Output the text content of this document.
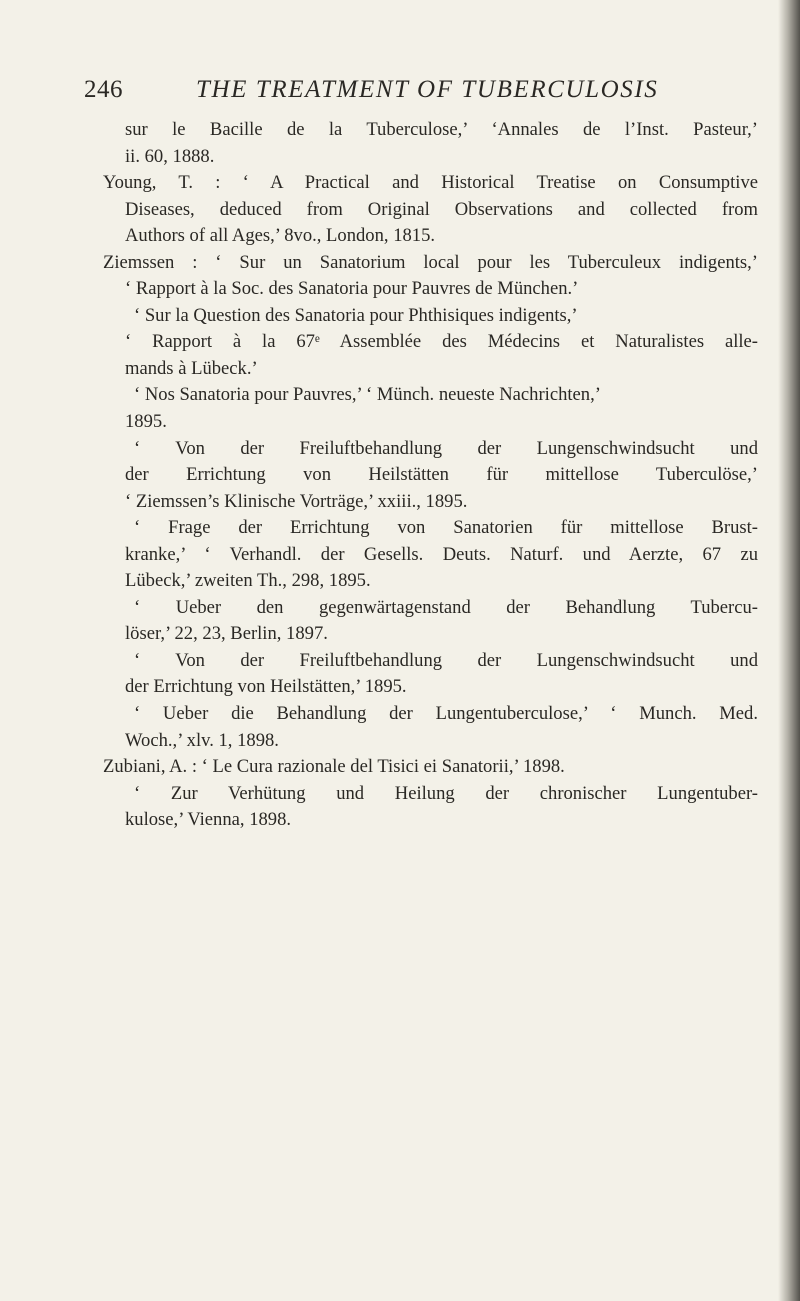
246	THE TREATMENT OF TUBERCULOSIS
sur le Bacille de la Tuberculose,’ ‘Annales de l’Inst. Pasteur,’
ii. 60, 1888.
Young, T. : ‘ A Practical and Historical Treatise on Consumptive
Diseases, deduced from Original Observations and collected from
Authors of all Ages,’ 8vo., London, 1815.
Ziemssen : ‘ Sur un Sanatorium local pour les Tuberculeux indigents,’
‘ Rapport à la Soc. des Sanatoria pour Pauvres de München.’
‘ Sur la Question des Sanatoria pour Phthisiques indigents,’
‘ Rapport à la 67ᵉ Assemblée des Médecins et Naturalistes alle-
mands à Lübeck.’
‘ Nos Sanatoria pour Pauvres,’ ‘ Münch. neueste Nachrichten,’
1895.
‘ Von der Freiluftbehandlung der Lungenschwindsucht und
der Errichtung von Heilstätten für mittellose Tuberculöse,’
‘ Ziemssen’s Klinische Vorträge,’ xxiii., 1895.
‘ Frage der Errichtung von Sanatorien für mittellose Brust-
kranke,’ ‘ Verhandl. der Gesells. Deuts. Naturf. und Aerzte, 67 zu
Lübeck,’ zweiten Th., 298, 1895.
‘ Ueber den gegenwärtagenstand der Behandlung Tubercu-
löser,’ 22, 23, Berlin, 1897.
‘ Von der Freiluftbehandlung der Lungenschwindsucht und
der Errichtung von Heilstätten,’ 1895.
‘ Ueber die Behandlung der Lungentuberculose,’ ‘ Munch. Med.
Woch.,’ xlv. 1, 1898.
Zubiani, A. : ‘ Le Cura razionale del Tisici ei Sanatorii,’ 1898.
‘ Zur Verhütung und Heilung der chronischer Lungentuber-
kulose,’ Vienna, 1898.
